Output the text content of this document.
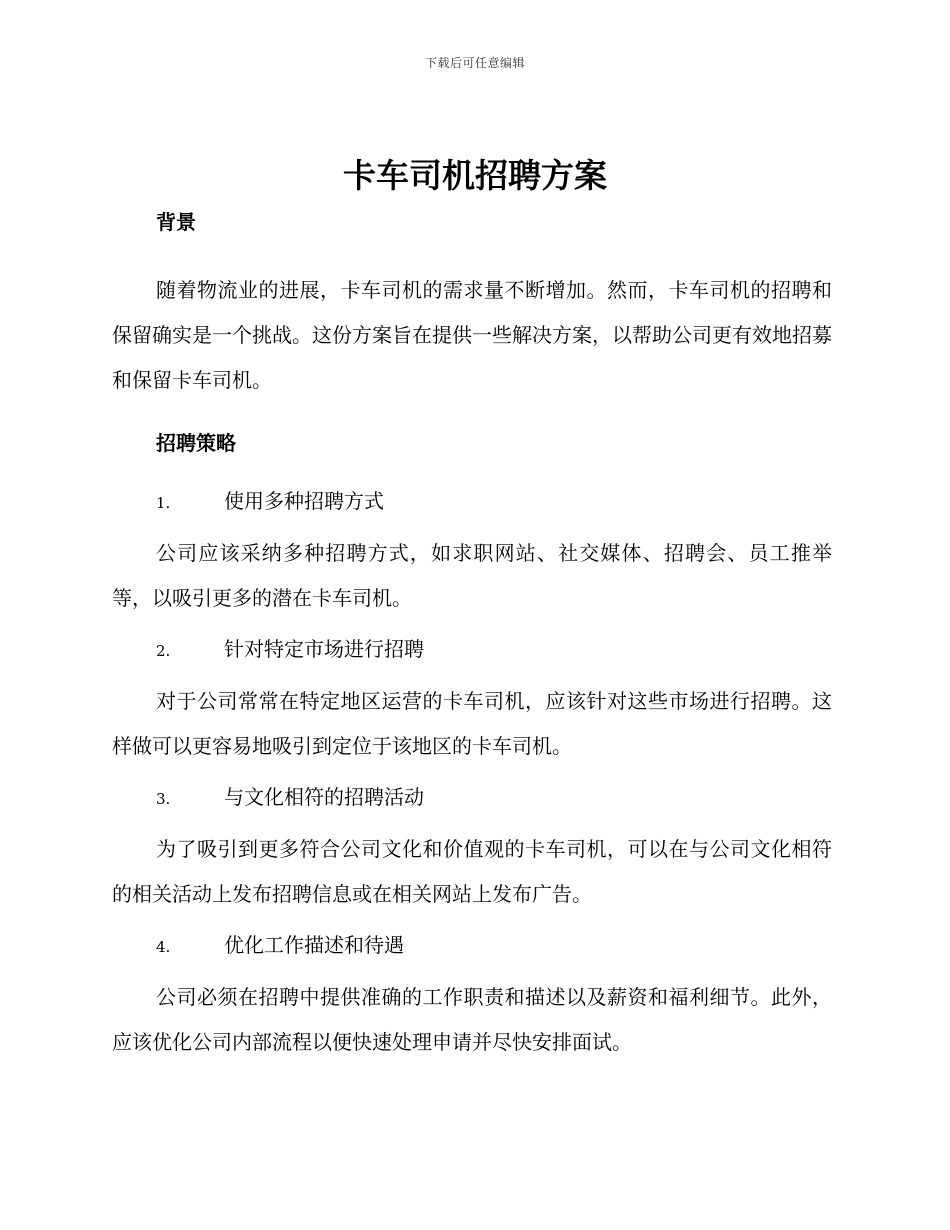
下载后可任意编辑
卡车司机招聘方案

背景

随着物流业的进展，卡车司机的需求量不断增加。然而，卡车司机的招聘和保留确实是一个挑战。这份方案旨在提供一些解决方案，以帮助公司更有效地招募和保留卡车司机。

招聘策略

1.	使用多种招聘方式

公司应该采纳多种招聘方式，如求职网站、社交媒体、招聘会、员工推举等，以吸引更多的潜在卡车司机。

2.	针对特定市场进行招聘

对于公司常常在特定地区运营的卡车司机，应该针对这些市场进行招聘。这样做可以更容易地吸引到定位于该地区的卡车司机。

3.	与文化相符的招聘活动

为了吸引到更多符合公司文化和价值观的卡车司机，可以在与公司文化相符的相关活动上发布招聘信息或在相关网站上发布广告。

4.	优化工作描述和待遇

公司必须在招聘中提供准确的工作职责和描述以及薪资和福利细节。此外，应该优化公司内部流程以便快速处理申请并尽快安排面试。
